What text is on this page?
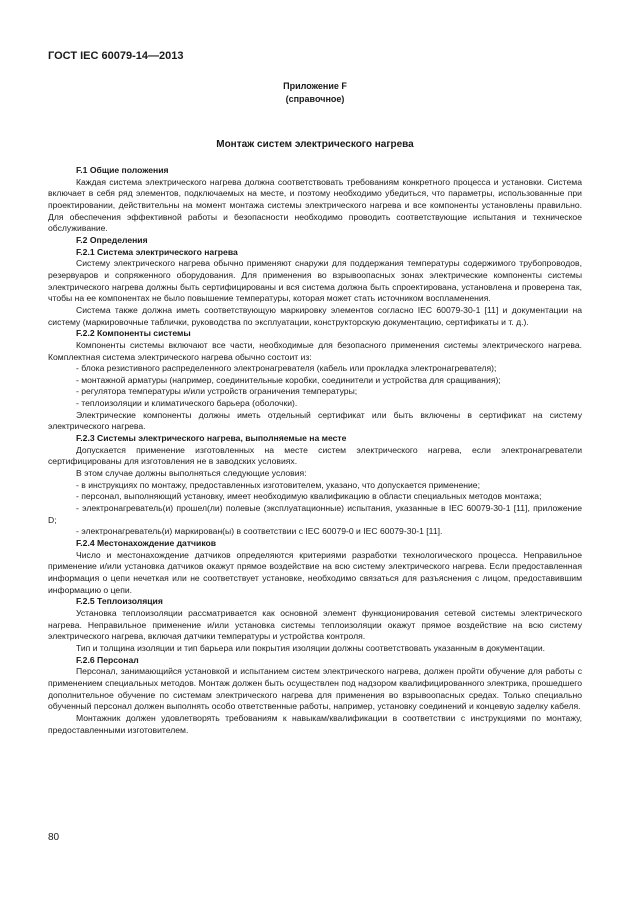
ГОСТ IEC 60079-14—2013
Приложение F
(справочное)
Монтаж систем электрического нагрева

F.1 Общие положения

Каждая система электрического нагрева должна соответствовать требованиям конкретного процесса и установки. Система включает в себя ряд элементов, подключаемых на месте, и поэтому необходимо убедиться, что параметры, использованные при проектировании, действительны на момент монтажа системы электрического нагрева и все компоненты установлены правильно. Для обеспечения эффективной работы и безопасности необходимо проводить соответствующие испытания и техническое обслуживание.

F.2 Определения

F.2.1 Система электрического нагрева

Систему электрического нагрева обычно применяют снаружи для поддержания температуры содержимого трубопроводов, резервуаров и сопряженного оборудования. Для применения во взрывоопасных зонах электрические компоненты системы электрического нагрева должны быть сертифицированы и вся система должна быть спроектирована, установлена и проверена так, чтобы на ее компонентах не было повышение температуры, которая может стать источником воспламенения.

Система также должна иметь соответствующую маркировку элементов согласно IEC 60079-30-1 [11] и документации на систему (маркировочные таблички, руководства по эксплуатации, конструкторскую документацию, сертификаты и т. д.).

F.2.2 Компоненты системы

Компоненты системы включают все части, необходимые для безопасного применения системы электрического нагрева. Комплектная система электрического нагрева обычно состоит из:

- блока резистивного распределенного электронагревателя (кабель или прокладка электронагревателя);

- монтажной арматуры (например, соединительные коробки, соединители и устройства для сращивания);

- регулятора температуры и/или устройств ограничения температуры;

- теплоизоляции и климатического барьера (оболочки).

Электрические компоненты должны иметь отдельный сертификат или быть включены в сертификат на систему электрического нагрева.

F.2.3 Системы электрического нагрева, выполняемые на месте

Допускается применение изготовленных на месте систем электрического нагрева, если электронагреватели сертифицированы для изготовления не в заводских условиях.

В этом случае должны выполняться следующие условия:

- в инструкциях по монтажу, предоставленных изготовителем, указано, что допускается применение;

- персонал, выполняющий установку, имеет необходимую квалификацию в области специальных методов монтажа;

- электронагреватель(и) прошел(ли) полевые (эксплуатационные) испытания, указанные в IEC 60079-30-1 [11], приложение D;

- электронагреватель(и) маркирован(ы) в соответствии с IEC 60079-0 и IEC 60079-30-1 [11].

F.2.4 Местонахождение датчиков

Число и местонахождение датчиков определяются критериями разработки технологического процесса. Неправильное применение и/или установка датчиков окажут прямое воздействие на всю систему электрического нагрева. Если предоставленная информация о цепи нечеткая или не соответствует установке, необходимо связаться для разъяснения с лицом, предоставившим информацию о цепи.

F.2.5 Теплоизоляция

Установка теплоизоляции рассматривается как основной элемент функционирования сетевой системы электрического нагрева. Неправильное применение и/или установка системы теплоизоляции окажут прямое воздействие на всю систему электрического нагрева, включая датчики температуры и устройства контроля.

Тип и толщина изоляции и тип барьера или покрытия изоляции должны соответствовать указанным в документации.

F.2.6 Персонал

Персонал, занимающийся установкой и испытанием систем электрического нагрева, должен пройти обучение для работы с применением специальных методов. Монтаж должен быть осуществлен под надзором квалифицированного электрика, прошедшего дополнительное обучение по системам электрического нагрева для применения во взрывоопасных средах. Только специально обученный персонал должен выполнять особо ответственные работы, например, установку соединений и концевую заделку кабеля.

Монтажник должен удовлетворять требованиям к навыкам/квалификации в соответствии с инструкциями по монтажу, предоставленными изготовителем.

80
